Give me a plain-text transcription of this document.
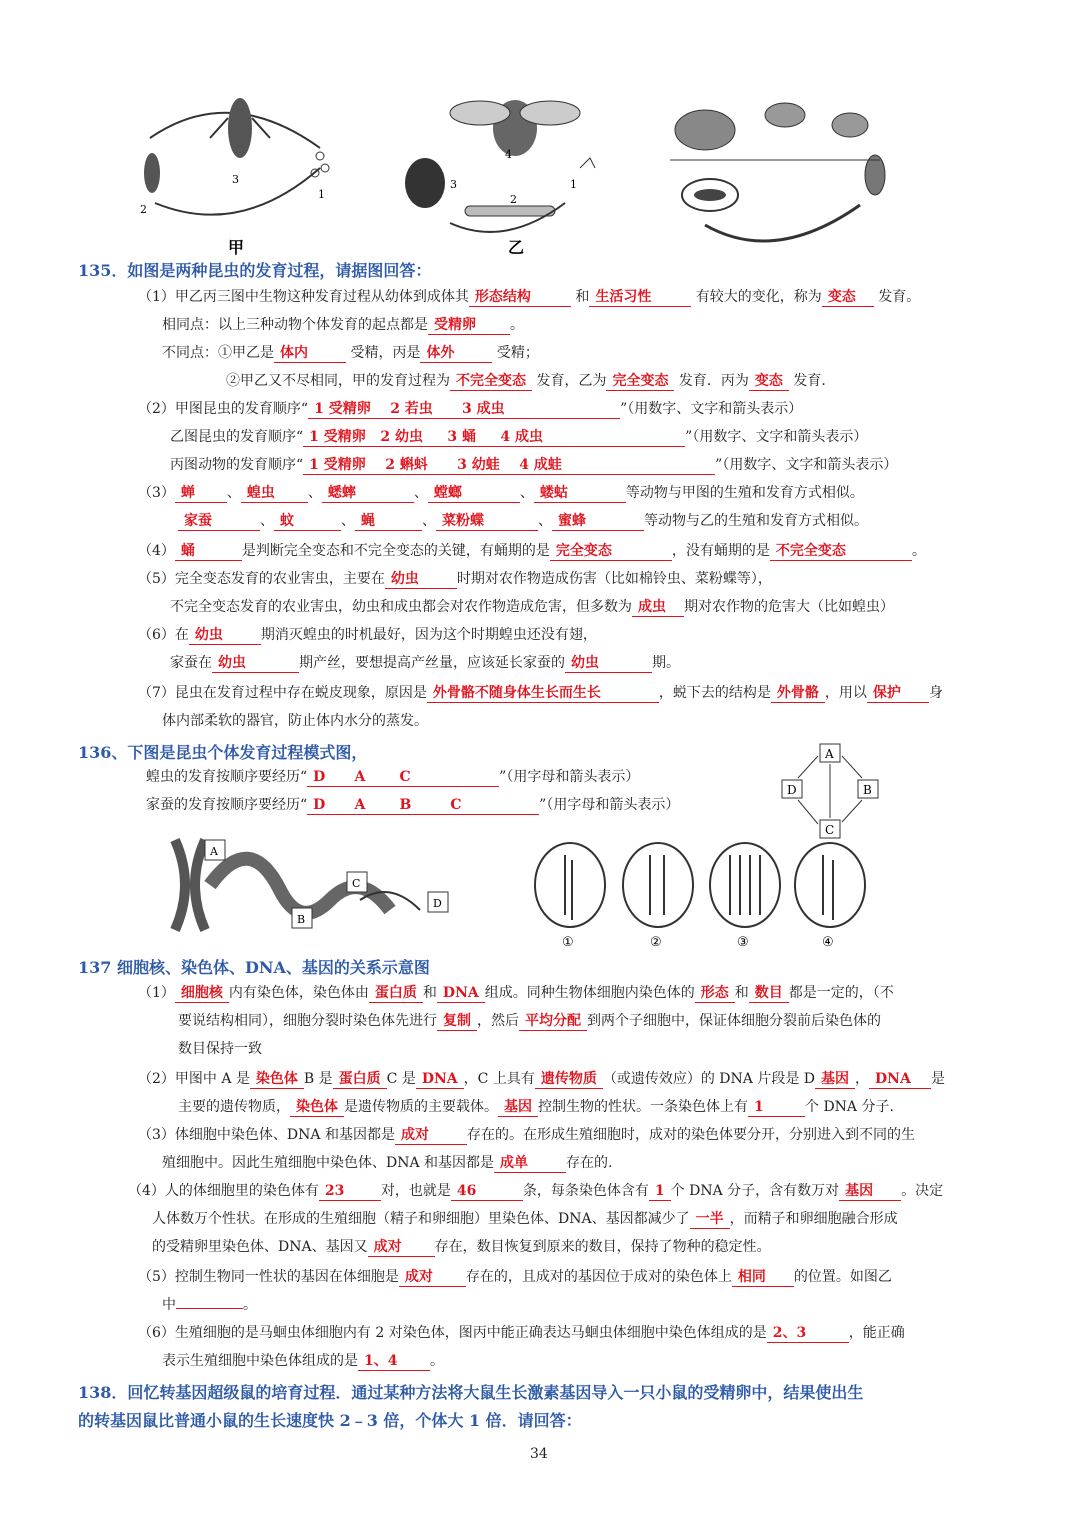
3
2
1
甲
3
2
1
4
乙
135．如图是两种昆虫的发育过程，请据图回答：
（1）甲乙丙三图中生物这种发育过程从幼体到成体其 形态结构	和 生活习性	有较大的变化，称为 变态 发育。
相同点：以上三种动物个体发育的起点都是 受精卵 。
不同点：①甲乙是 体内	受精，丙是 体外	受精；
②甲乙又不尽相同，甲的发育过程为 不完全变态 发育，乙为 完全变态 发育．丙为 变态 发育.
（2）甲图昆虫的发育顺序“ 1 受精卵    2 若虫      3 成虫	”（用数字、文字和箭头表示）
乙图昆虫的发育顺序“ 1 受精卵   2 幼虫     3 蛹     4 成虫	”（用数字、文字和箭头表示）
丙图动物的发育顺序“ 1 受精卵    2 蝌蚪      3 幼蛙    4 成蛙	”（用数字、文字和箭头表示）
（3） 蝉 、 蝗虫 、 蟋蟀	、 螳螂	、 蝼蛄	等动物与甲图的生殖和发育方式相似。
家蚕	、 蚊	、 蝇	、 菜粉蝶	、 蜜蜂	等动物与乙的生殖和发育方式相似。
（4） 蛹	是判断完全变态和不完全变态的关键，有蛹期的是 完全变态	，没有蛹期的是 不完全变态	。
（5）完全变态发育的农业害虫，主要在 幼虫	时期对农作物造成伤害（比如棉铃虫、菜粉蝶等），
不完全变态发育的农业害虫，幼虫和成虫都会对农作物造成危害，但多数为 成虫 期对农作物的危害大（比如蝗虫）
（6）在 幼虫	期消灭蝗虫的时机最好，因为这个时期蝗虫还没有翅，
家蚕在 幼虫	期产丝，要想提高产丝量，应该延长家蚕的 幼虫	期。
（7）昆虫在发育过程中存在蜕皮现象，原因是 外骨骼不随身体生长而生长	，蜕下去的结构是 外骨骼 ，用以 保护 身
体内部柔软的器官，防止体内水分的蒸发。
136、下图是昆虫个体发育过程模式图，
蝗虫的发育按顺序要经历“ D      A       C	”（用字母和箭头表示）
家蚕的发育按顺序要经历“ D      A       B        C	”（用字母和箭头表示）
A
B
C
D
A
B
C
D
①	②	③	④
137 细胞核、染色体、DNA、基因的关系示意图
（1） 细胞核 内有染色体，染色体由 蛋白质 和 DNA 组成。同种生物体细胞内染色体的 形态 和 数目 都是一定的，（不
要说结构相同），细胞分裂时染色体先进行 复制 ，然后 平均分配 到两个子细胞中，保证体细胞分裂前后染色体的
数目保持一致
（2）甲图中 A 是 染色体 B 是 蛋白质 C 是 DNA ，C 上具有 遗传物质 （或遗传效应）的 DNA 片段是 D 基因 ， DNA 是
主要的遗传物质， 染色体 是遗传物质的主要载体。 基因 控制生物的性状。一条染色体上有 1	个 DNA 分子.
（3）体细胞中染色体、DNA 和基因都是 成对	存在的。在形成生殖细胞时，成对的染色体要分开，分别进入到不同的生
殖细胞中。因此生殖细胞中染色体、DNA 和基因都是 成单	存在的.
（4）人的体细胞里的染色体有 23	对，也就是 46	条，每条染色体含有 1 个 DNA 分子，含有数万对 基因 。决定
人体数万个性状。在形成的生殖细胞（精子和卵细胞）里染色体、DNA、基因都减少了 一半 ，而精子和卵细胞融合形成
的受精卵里染色体、DNA、基因又 成对 存在，数目恢复到原来的数目，保持了物种的稳定性。
（5）控制生物同一性状的基因在体细胞是 成对 存在的，且成对的基因位于成对的染色体上 相同 的位置。如图乙
中	。
（6）生殖细胞的是马蛔虫体细胞内有 2 对染色体，图丙中能正确表达马蛔虫体细胞中染色体组成的是 2、3	，能正确
表示生殖细胞中染色体组成的是 1、4 。
138．回忆转基因超级鼠的培育过程．通过某种方法将大鼠生长激素基因导入一只小鼠的受精卵中，结果使出生
的转基因鼠比普通小鼠的生长速度快 2﹣3 倍，个体大 1 倍．请回答：
34
